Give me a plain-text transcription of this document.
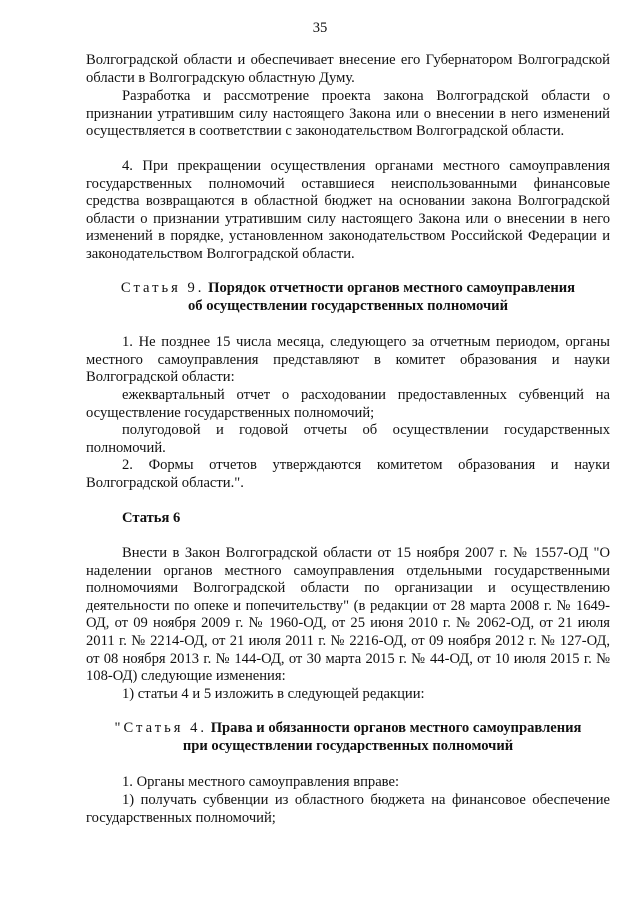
35

Волгоградской области и обеспечивает внесение его Губернатором Волгоградской области в Волгоградскую областную Думу.

Разработка и рассмотрение проекта закона Волгоградской области о признании утратившим силу настоящего Закона или о внесении в него изменений осуществляется в соответствии с законодательством Волгоградской области.

4. При прекращении осуществления органами местного самоуправления государственных полномочий оставшиеся неиспользованными финансовые средства возвращаются в областной бюджет на основании закона Волгоградской области о признании утратившим силу настоящего Закона или о внесении в него изменений в порядке, установленном законодательством Российской Федерации и законодательством Волгоградской области.

Статья 9. Порядок отчетности органов местного самоуправления
об осуществлении государственных полномочий

1. Не позднее 15 числа месяца, следующего за отчетным периодом, органы местного самоуправления представляют в комитет образования и науки Волгоградской области:

ежеквартальный отчет о расходовании предоставленных субвенций на осуществление государственных полномочий;

полугодовой и годовой отчеты об осуществлении государственных полномочий.

2. Формы отчетов утверждаются комитетом образования и науки Волгоградской области.".

Статья 6

Внести в Закон Волгоградской области от 15 ноября 2007 г. № 1557-ОД "О наделении органов местного самоуправления отдельными государственными полномочиями Волгоградской области по организации и осуществлению деятельности по опеке и попечительству" (в редакции от 28 марта 2008 г. № 1649-ОД, от 09 ноября 2009 г. № 1960-ОД, от 25 июня 2010 г. № 2062-ОД, от 21 июля 2011 г. № 2214-ОД, от 21 июля 2011 г. № 2216-ОД, от 09 ноября 2012 г. № 127-ОД, от 08 ноября 2013 г. № 144-ОД, от 30 марта 2015 г. № 44-ОД, от 10 июля 2015 г. № 108-ОД) следующие изменения:

1) статьи 4 и 5 изложить в следующей редакции:

"Статья 4. Права и обязанности органов местного самоуправления
при осуществлении государственных полномочий

1. Органы местного самоуправления вправе:

1) получать субвенции из областного бюджета на финансовое обеспечение государственных полномочий;
